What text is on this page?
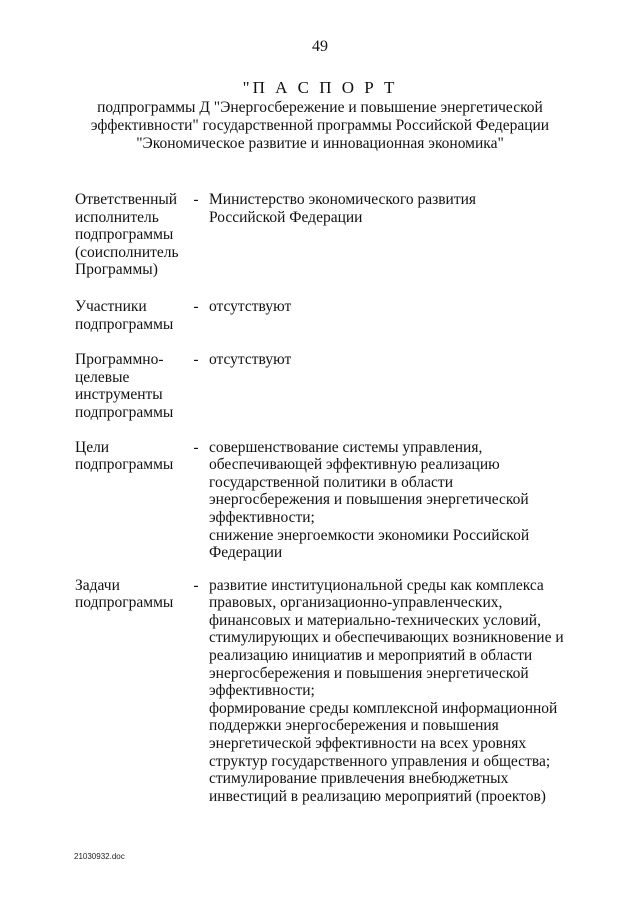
49
"П А С П О Р Т
подпрограммы Д "Энергосбережение и повышение энергетической
эффективности" государственной программы Российской Федерации
"Экономическое развитие и инновационная экономика"
Ответственный
исполнитель
подпрограммы
(соисполнитель
Программы)
- Министерство экономического развития
Российской Федерации
Участники
подпрограммы
- отсутствуют
Программно-
целевые
инструменты
подпрограммы
- отсутствуют
Цели
подпрограммы
- совершенствование системы управления,
обеспечивающей эффективную реализацию
государственной политики в области
энергосбережения и повышения энергетической
эффективности;
снижение энергоемкости экономики Российской
Федерации
Задачи
подпрограммы
- развитие институциональной среды как комплекса
правовых, организационно-управленческих,
финансовых и материально-технических условий,
стимулирующих и обеспечивающих возникновение и
реализацию инициатив и мероприятий в области
энергосбережения и повышения энергетической
эффективности;
формирование среды комплексной информационной
поддержки энергосбережения и повышения
энергетической эффективности на всех уровнях
структур государственного управления и общества;
стимулирование привлечения внебюджетных
инвестиций в реализацию мероприятий (проектов)
21030932.doc
